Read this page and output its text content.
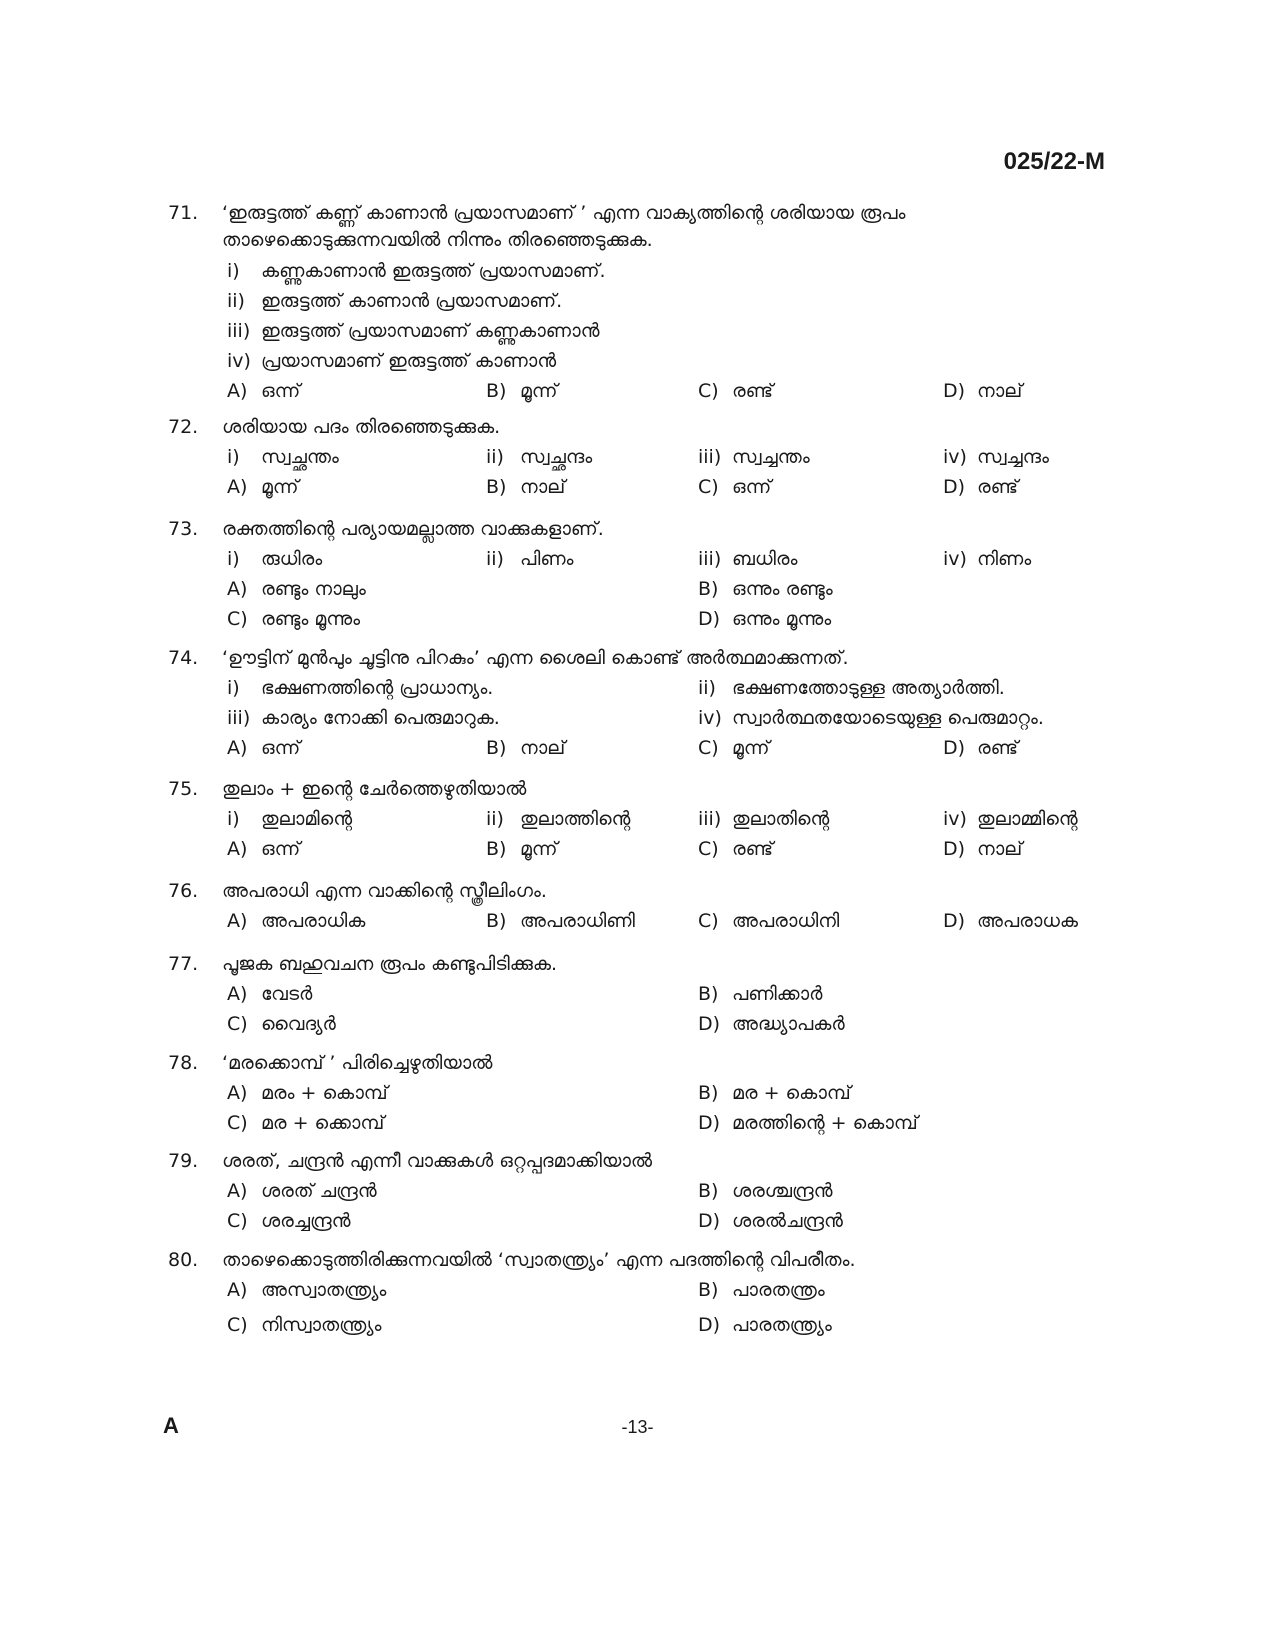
025/22-M

71. ‘ഇരുട്ടത്ത് കണ്ണ് കാണാൻ പ്രയാസമാണ് ’ എന്ന വാക്യത്തിന്റെ ശരിയായ രൂപം
താഴെക്കൊടുക്കുന്നവയിൽ നിന്നും തിരഞ്ഞെടുക്കുക.
i) കണ്ണുകാണാൻ ഇരുട്ടത്ത് പ്രയാസമാണ്.
ii) ഇരുട്ടത്ത് കാണാൻ പ്രയാസമാണ്.
iii) ഇരുട്ടത്ത് പ്രയാസമാണ് കണ്ണുകാണാൻ
iv) പ്രയാസമാണ് ഇരുട്ടത്ത് കാണാൻ
A) ഒന്ന്	B) മൂന്ന്	C) രണ്ട്	D) നാല്
72. ശരിയായ പദം തിരഞ്ഞെടുക്കുക.
i) സ്വച്ഛന്തം	ii) സ്വച്ഛന്ദം	iii) സ്വച്ചന്തം	iv) സ്വച്ചന്ദം
A) മൂന്ന്	B) നാല്	C) ഒന്ന്	D) രണ്ട്
73. രക്തത്തിന്റെ പര്യായമല്ലാത്ത വാക്കുകളാണ്.
i) രുധിരം	ii) പിണം	iii) ബധിരം	iv) നിണം
A) രണ്ടും നാലും	B) ഒന്നും രണ്ടും
C) രണ്ടും മൂന്നും	D) ഒന്നും മൂന്നും
74. ‘ഊട്ടിന് മുൻപും ചൂട്ടിനു പിറകും’ എന്ന ശൈലി കൊണ്ട് അർത്ഥമാക്കുന്നത്.
i) ഭക്ഷണത്തിന്റെ പ്രാധാന്യം.	ii) ഭക്ഷണത്തോടുള്ള അത്യാർത്തി.
iii) കാര്യം നോക്കി പെരുമാറുക.	iv) സ്വാർത്ഥതയോടെയുള്ള പെരുമാറ്റം.
A) ഒന്ന്	B) നാല്	C) മൂന്ന്	D) രണ്ട്
75. തുലാം + ഇന്റെ ചേർത്തെഴുതിയാൽ
i) തുലാമിന്റെ	ii) തുലാത്തിന്റെ	iii) തുലാതിന്റെ	iv) തുലാമ്മിന്റെ
A) ഒന്ന്	B) മൂന്ന്	C) രണ്ട്	D) നാല്
76. അപരാധി എന്ന വാക്കിന്റെ സ്ത്രീലിംഗം.
A) അപരാധിക	B) അപരാധിണി	C) അപരാധിനി	D) അപരാധക
77. പൂജക ബഹുവചന രൂപം കണ്ടുപിടിക്കുക.
A) വേടർ	B) പണിക്കാർ
C) വൈദ്യർ	D) അദ്ധ്യാപകർ
78. ‘മരക്കൊമ്പ് ’ പിരിച്ചെഴുതിയാൽ
A) മരം + കൊമ്പ്	B) മര + കൊമ്പ്
C) മര + ക്കൊമ്പ്	D) മരത്തിന്റെ + കൊമ്പ്
79. ശരത്, ചന്ദ്രൻ എന്നീ വാക്കുകൾ ഒറ്റപ്പദമാക്കിയാൽ
A) ശരത് ചന്ദ്രൻ	B) ശരശ്ചന്ദ്രൻ
C) ശരച്ചന്ദ്രൻ	D) ശരൽചന്ദ്രൻ
80. താഴെക്കൊടുത്തിരിക്കുന്നവയിൽ ‘സ്വാതന്ത്ര്യം’ എന്ന പദത്തിന്റെ വിപരീതം.
A) അസ്വാതന്ത്ര്യം	B) പാരതന്ത്രം
C) നിസ്വാതന്ത്ര്യം	D) പാരതന്ത്ര്യം

A	-13-
